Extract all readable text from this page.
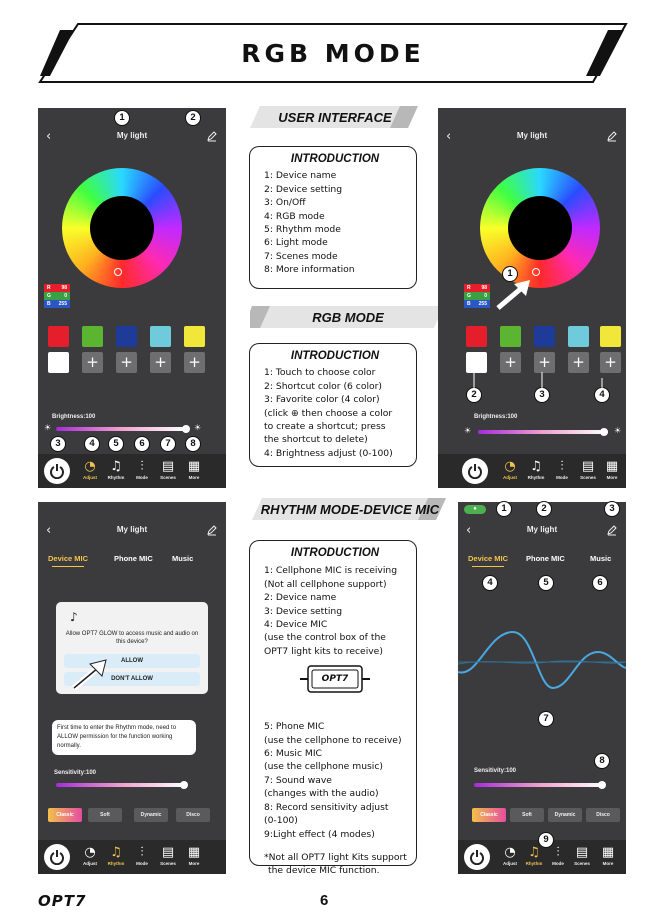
RGB MODE
USER INTERFACE
RGB MODE
RHYTHM MODE-DEVICE MIC
INTRODUCTION
1: Device name
2: Device setting
3: On/Off
4: RGB mode
5: Rhythm mode
6: Light mode
7: Scenes mode
8: More information
INTRODUCTION
1: Touch to choose color
2: Shortcut color (6 color)
3: Favorite color (4 color)
(click ⊕ then choose a color
to create a shortcut; press
the shortcut to delete)
4: Brightness adjust (0-100)
INTRODUCTION
1: Cellphone MIC is receiving
(Not all cellphone support)
2: Device name
3: Device setting
4: Device MIC
(use the control box of the
OPT7 light kits to receive)
5: Phone MIC
(use the cellphone to receive)
6: Music MIC
(use the cellphone music)
7: Sound wave
(changes with the audio)
8: Record sensitivity adjust
(0-100)
9:Light effect (4 modes)
*Not all OPT7 light Kits support
the device MIC function.
OPT7
‹	My light
R 98
G	0
B 255
+ + + +
Brightness:100
☀	☀
◔
Adjust
♫
Rhythm
⫶
Mode
▤
Scenes
▦
More
‹	My light
R 98
G	0
B 255
+ + + +
Brightness:100
☀	☀
◔
Adjust
♫
Rhythm
⫶
Mode
▤
Scenes
▦
More
‹	My light
Device MIC	Phone MIC	Music
♪
Allow OPT7 GLOW to access music and audio on this device?
ALLOW
DON'T ALLOW
First time to enter the Rhythm mode, need to ALLOW permission for the function working normally.
Sensitivity:100
Classic	Soft	Dynamic	Disco
◔
Adjust
♫
Rhythm
⫶
Mode
▤
Scenes
▦
More
●
‹	My light
Device MIC Phone MIC	Music
Sensitivity:100
Classic	Soft	Dynamic	Disco
◔
Adjust
♫
Rhythm
⫶
Mode
▤
Scenes
▦
More
1	2
3	4	5	6	7	8
1
2	3	4
1	2	3
4	5	6
7
8
9
OPT7	6
